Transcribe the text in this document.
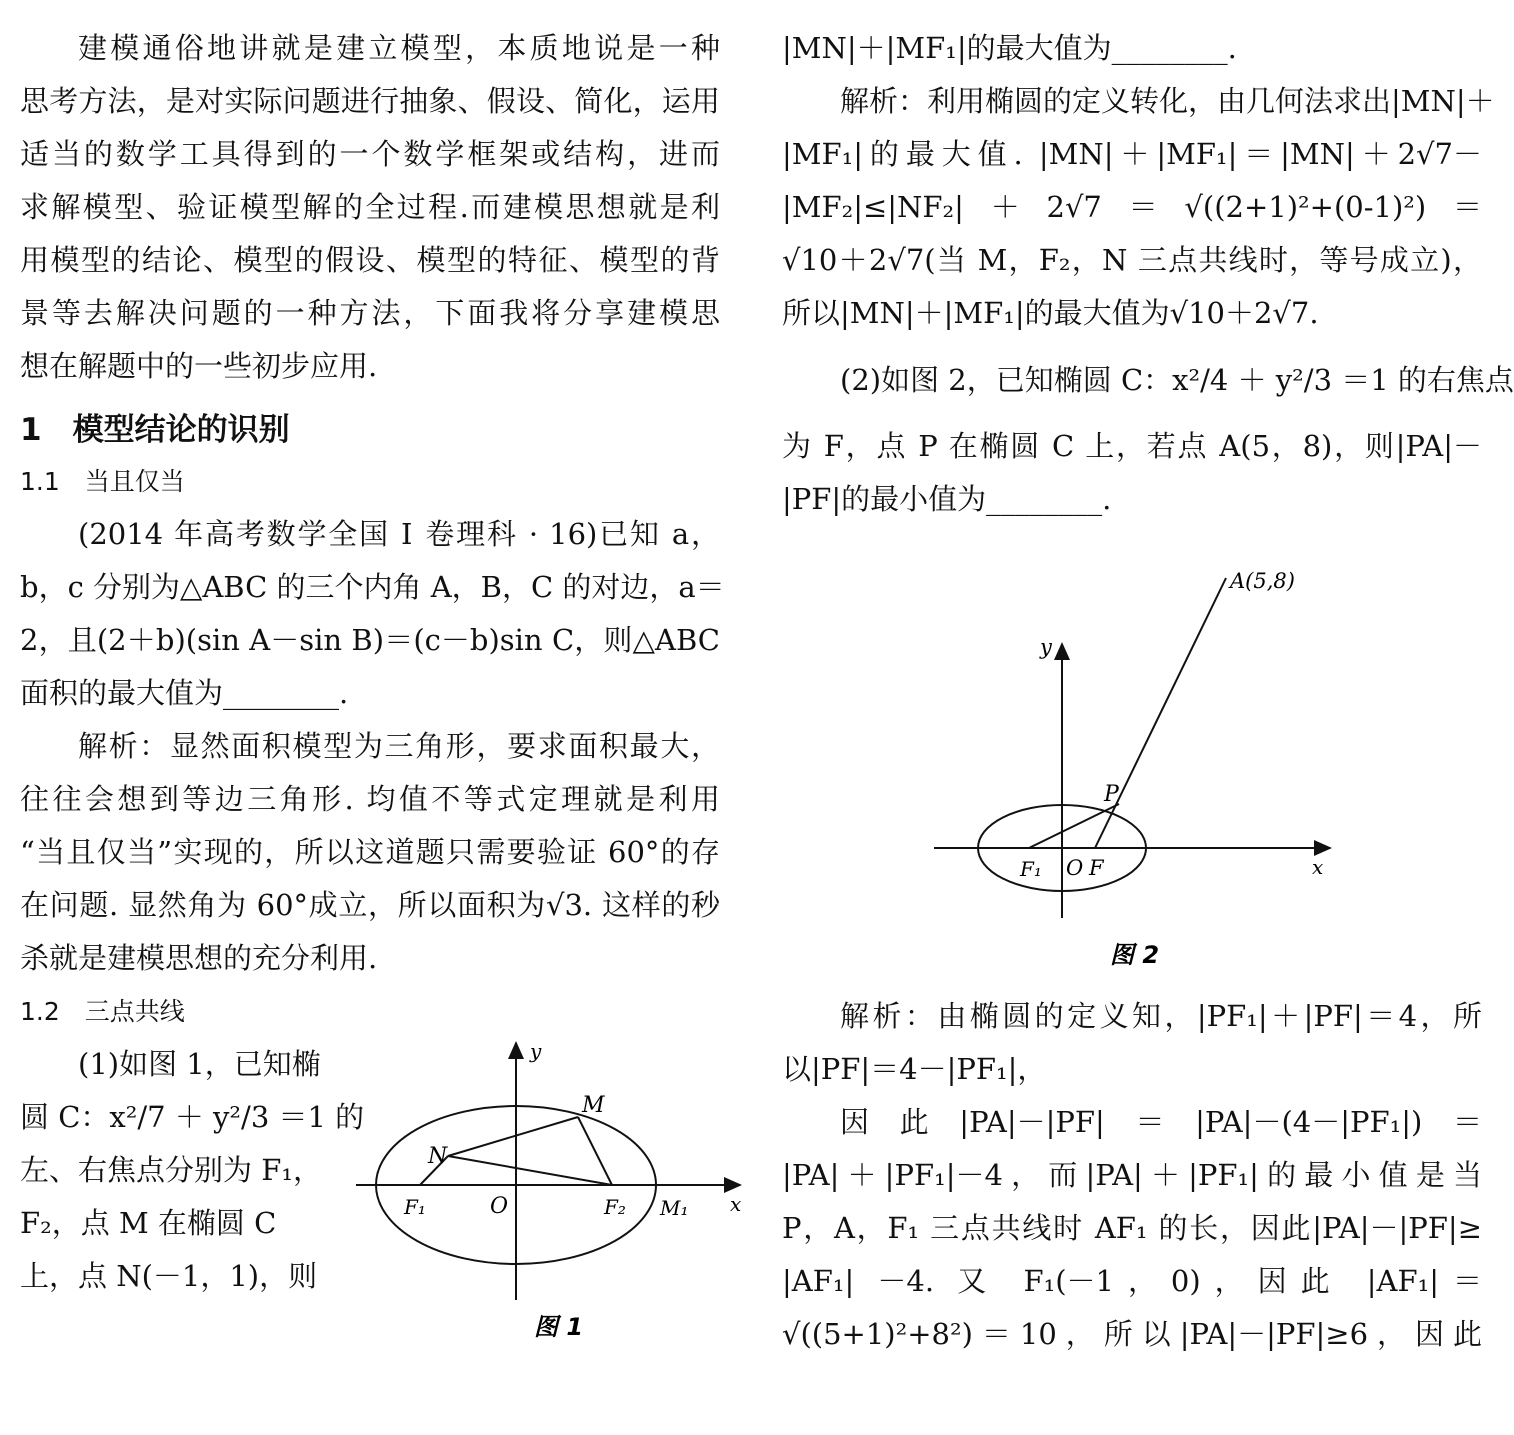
建模通俗地讲就是建立模型，本质地说是一种
思考方法，是对实际问题进行抽象、假设、简化，运用
适当的数学工具得到的一个数学框架或结构，进而
求解模型、验证模型解的全过程.而建模思想就是利
用模型的结论、模型的假设、模型的特征、模型的背
景等去解决问题的一种方法，下面我将分享建模思
想在解题中的一些初步应用.
1　模型结论的识别
1.1　当且仅当
(2014 年高考数学全国 Ⅰ 卷理科 · 16)已知 a，
b，c 分别为△ABC 的三个内角 A，B，C 的对边，a＝
2，且(2＋b)(sin A－sin B)＝(c－b)sin C，则△ABC
面积的最大值为________.
解析：显然面积模型为三角形，要求面积最大，
往往会想到等边三角形. 均值不等式定理就是利用
“当且仅当”实现的，所以这道题只需要验证 60°的存
在问题. 显然角为 60°成立，所以面积为√3. 这样的秒
杀就是建模思想的充分利用.
1.2　三点共线
(1)如图 1，已知椭
圆 C：x²/7 ＋ y²/3 ＝1 的
左、右焦点分别为 F₁，
F₂，点 M 在椭圆 C
上，点 N(－1，1)，则
y
x
O
M
N
F₁	F₂ M₁
图 1
|MN|＋|MF₁|的最大值为________.
解析：利用椭圆的定义转化，由几何法求出|MN|＋
|MF₁|的最大值. |MN|＋|MF₁|＝|MN|＋2√7－
|MF₂|≤|NF₂|＋2√7＝√((2+1)²+(0-1)²)＝
√10＋2√7(当 M，F₂，N 三点共线时，等号成立)，
所以|MN|＋|MF₁|的最大值为√10＋2√7.
(2)如图 2，已知椭圆 C：x²/4 ＋ y²/3 ＝1 的右焦点
为 F，点 P 在椭圆 C 上，若点 A(5，8)，则|PA|－
|PF|的最小值为________.
A(5,8)
y
x
P
F₁ O F
图 2
解析：由椭圆的定义知，|PF₁|＋|PF|＝4，所
以|PF|＝4－|PF₁|，
因此|PA|－|PF|＝|PA|－(4－|PF₁|)＝
|PA|＋|PF₁|－4，而|PA|＋|PF₁|的最小值是当
P，A，F₁ 三点共线时 AF₁ 的长，因此|PA|－|PF|≥
|AF₁| －4. 又 F₁(－1，0)，因此 |AF₁|＝
√((5+1)²+8²)＝10，所以|PA|－|PF|≥6，因此
